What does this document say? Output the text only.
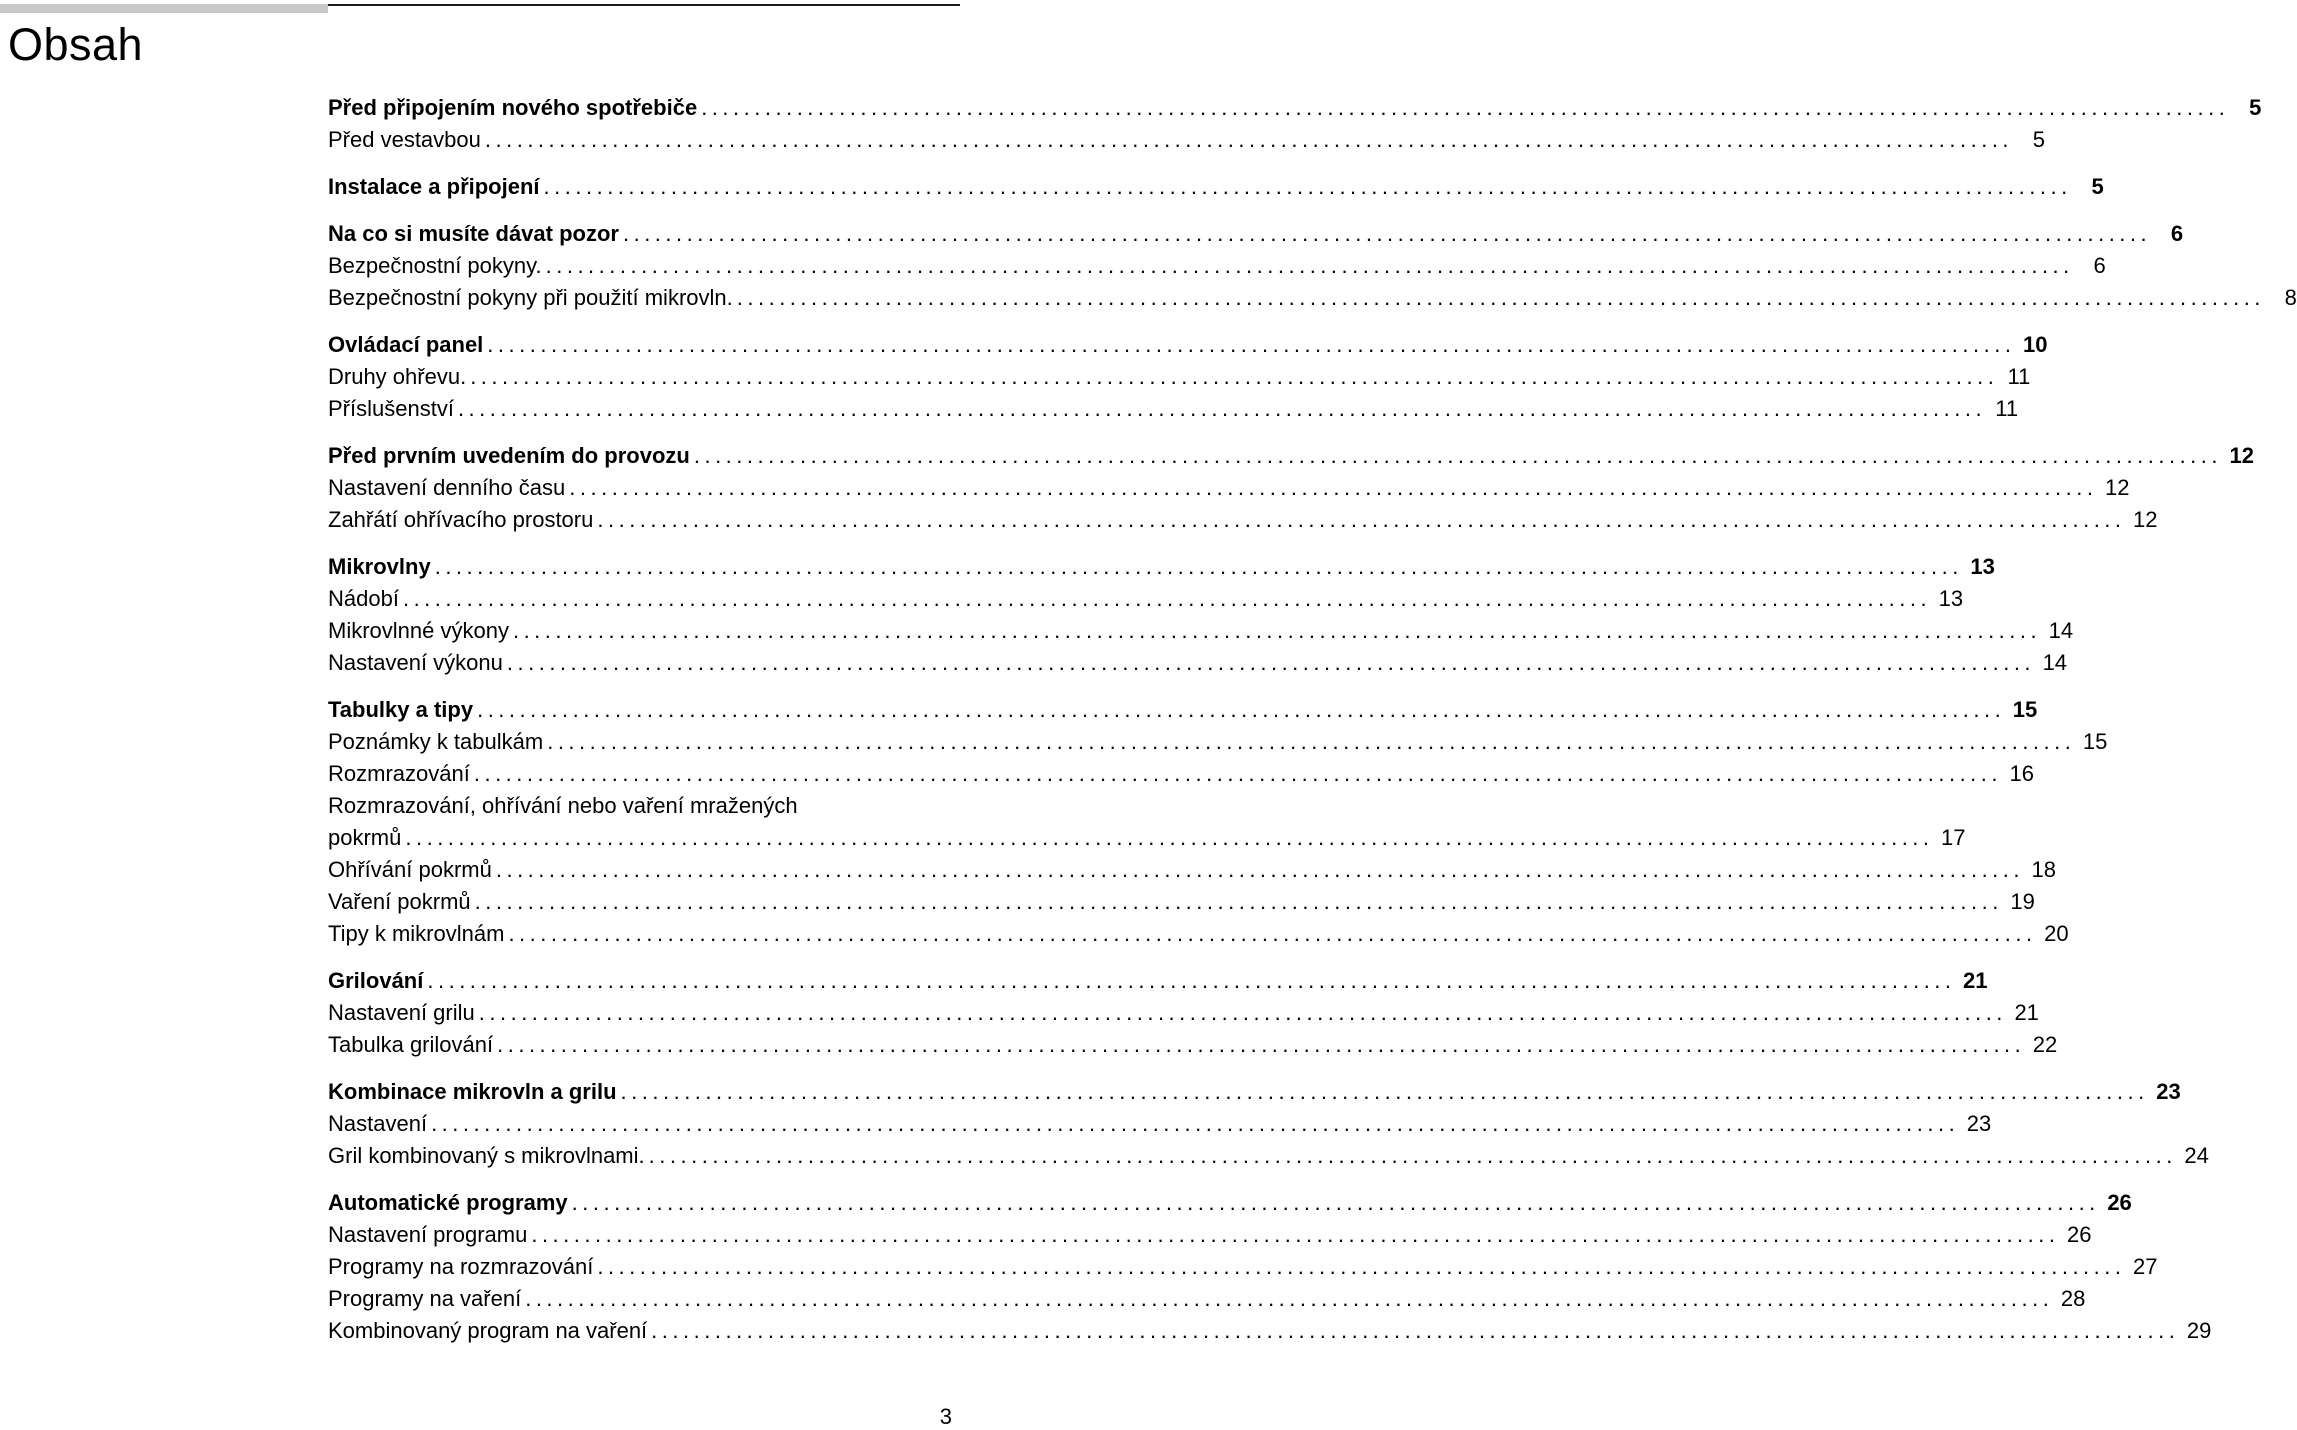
Obsah
Před připojením nového spotřebiče ................................................................................................................................................ 5
Před vestavbou ................................................................................................................................................ 5
Instalace a připojení ................................................................................................................................................ 5
Na co si musíte dávat pozor ................................................................................................................................................ 6
Bezpečnostní pokyny. ................................................................................................................................................ 6
Bezpečnostní pokyny při použití mikrovln. ................................................................................................................................................ 8
Ovládací panel ................................................................................................................................................ 10
Druhy ohřevu. ................................................................................................................................................ 11
Příslušenství ................................................................................................................................................ 11
Před prvním uvedením do provozu ................................................................................................................................................ 12
Nastavení denního času ................................................................................................................................................ 12
Zahřátí ohřívacího prostoru ................................................................................................................................................ 12
Mikrovlny ................................................................................................................................................ 13
Nádobí ................................................................................................................................................ 13
Mikrovlnné výkony ................................................................................................................................................ 14
Nastavení výkonu ................................................................................................................................................ 14
Tabulky a tipy ................................................................................................................................................ 15
Poznámky k tabulkám ................................................................................................................................................ 15
Rozmrazování ................................................................................................................................................ 16
Rozmrazování, ohřívání nebo vaření mražených
pokrmů ................................................................................................................................................ 17
Ohřívání pokrmů ................................................................................................................................................ 18
Vaření pokrmů ................................................................................................................................................ 19
Tipy k mikrovlnám ................................................................................................................................................ 20
Grilování ................................................................................................................................................ 21
Nastavení grilu ................................................................................................................................................ 21
Tabulka grilování ................................................................................................................................................ 22
Kombinace mikrovln a grilu ................................................................................................................................................ 23
Nastavení ................................................................................................................................................ 23
Gril kombinovaný s mikrovlnami. ................................................................................................................................................ 24
Automatické programy ................................................................................................................................................ 26
Nastavení programu ................................................................................................................................................ 26
Programy na rozmrazování ................................................................................................................................................ 27
Programy na vaření ................................................................................................................................................ 28
Kombinovaný program na vaření ................................................................................................................................................ 29
3
